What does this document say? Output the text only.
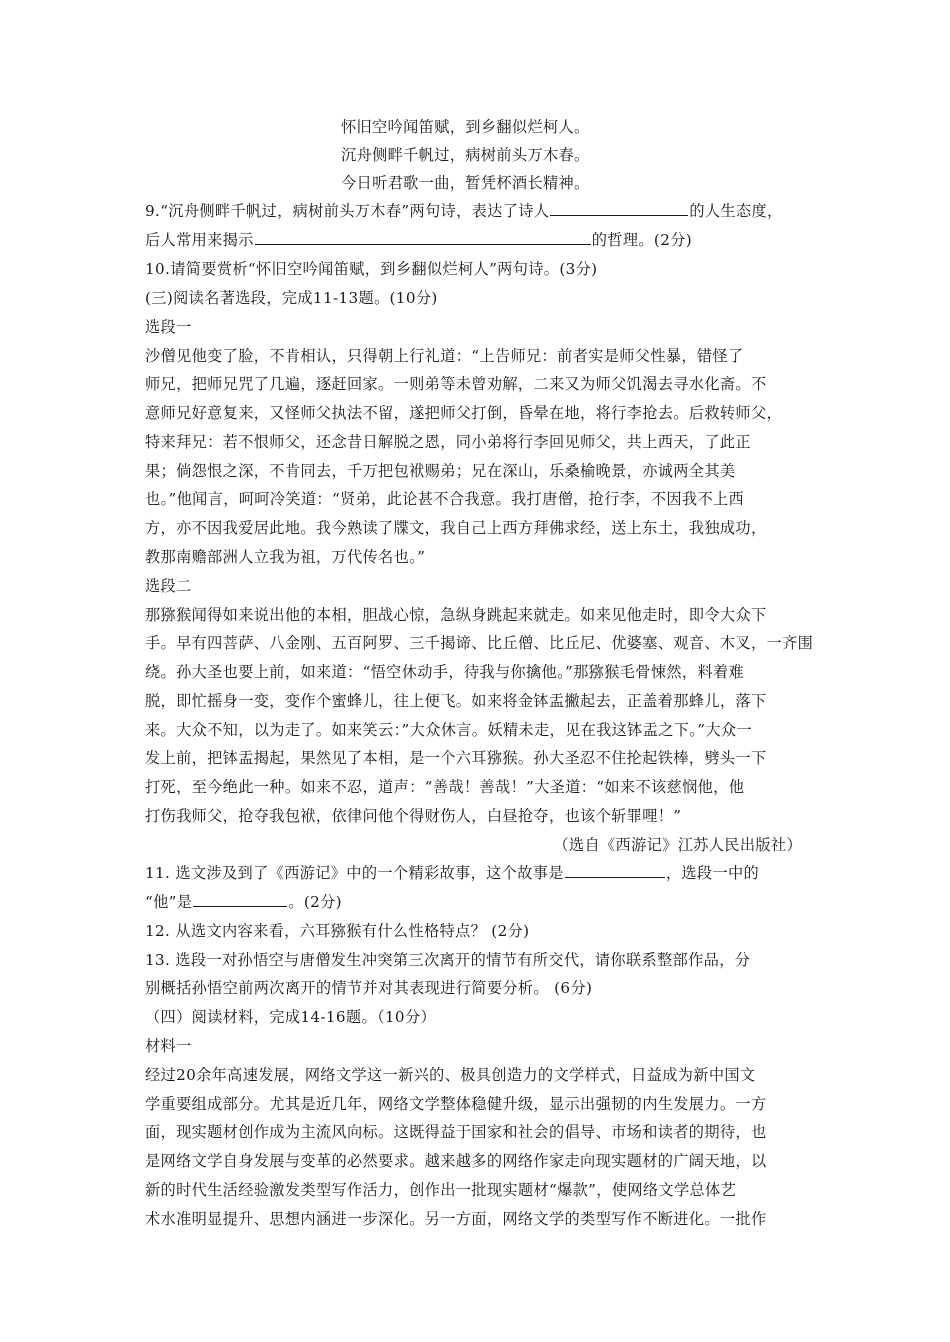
怀旧空吟闻笛赋，到乡翻似烂柯人。
沉舟侧畔千帆过，病树前头万木春。
今日听君歌一曲，暂凭杯酒长精神。
9.“沉舟侧畔千帆过，病树前头万木春”两句诗，表达了诗人	的人生态度，
后人常用来揭示	的哲理。(2分)
10.请简要赏析“怀旧空吟闻笛赋，到乡翻似烂柯人”两句诗。(3分)
(三)阅读名著选段，完成11-13题。(10分)
选段一
沙僧见他变了脸，不肯相认，只得朝上行礼道：“上告师兄：前者实是师父性暴，错怪了
师兄，把师兄咒了几遍，逐赶回家。一则弟等未曾劝解，二来又为师父饥渴去寻水化斋。不
意师兄好意复来，又怪师父执法不留，遂把师父打倒，昏晕在地，将行李抢去。后救转师父，
特来拜兄：若不恨师父，还念昔日解脱之恩，同小弟将行李回见师父，共上西天，了此正
果；倘怨恨之深，不肯同去，千万把包袱赐弟；兄在深山，乐桑榆晚景，亦诚两全其美
也。”他闻言，呵呵冷笑道：“贤弟，此论甚不合我意。我打唐僧，抢行李，不因我不上西
方，亦不因我爱居此地。我今熟读了牒文，我自己上西方拜佛求经，送上东土，我独成功，
教那南赡部洲人立我为祖，万代传名也。”
选段二
那猕猴闻得如来说出他的本相，胆战心惊，急纵身跳起来就走。如来见他走时，即令大众下
手。早有四菩萨、八金刚、五百阿罗、三千揭谛、比丘僧、比丘尼、优婆塞、观音、木叉，一齐围
绕。孙大圣也要上前，如来道：“悟空休动手，待我与你擒他。”那猕猴毛骨悚然，料着难
脱，即忙摇身一变，变作个蜜蜂儿，往上便飞。如来将金钵盂撇起去，正盖着那蜂儿，落下
来。大众不知，以为走了。如来笑云：”大众休言。妖精未走，见在我这钵盂之下。”大众一
发上前，把钵盂揭起，果然见了本相，是一个六耳猕猴。孙大圣忍不住抡起铁棒，劈头一下
打死，至今绝此一种。如来不忍，道声：“善哉！善哉！”大圣道：“如来不该慈悯他，他
打伤我师父，抢夺我包袱，依律问他个得财伤人，白昼抢夺，也该个斩罪哩！”
（选自《西游记》江苏人民出版社）
11. 选文涉及到了《西游记》中的一个精彩故事，这个故事是	，选段一中的
“他”是	。(2分)
12. 从选文内容来看，六耳猕猴有什么性格特点？ (2分)
13. 选段一对孙悟空与唐僧发生冲突第三次离开的情节有所交代，请你联系整部作品，分
别概括孙悟空前两次离开的情节并对其表现进行简要分析。 (6分)
（四）阅读材料，完成14-16题。（10分）
材料一
经过20余年高速发展，网络文学这一新兴的、极具创造力的文学样式，日益成为新中国文
学重要组成部分。尤其是近几年，网络文学整体稳健升级，显示出强韧的内生发展力。一方
面，现实题材创作成为主流风向标。这既得益于国家和社会的倡导、市场和读者的期待，也
是网络文学自身发展与变革的必然要求。越来越多的网络作家走向现实题材的广阔天地，以
新的时代生活经验激发类型写作活力，创作出一批现实题材“爆款”，使网络文学总体艺
术水准明显提升、思想内涵进一步深化。另一方面，网络文学的类型写作不断进化。一批作
